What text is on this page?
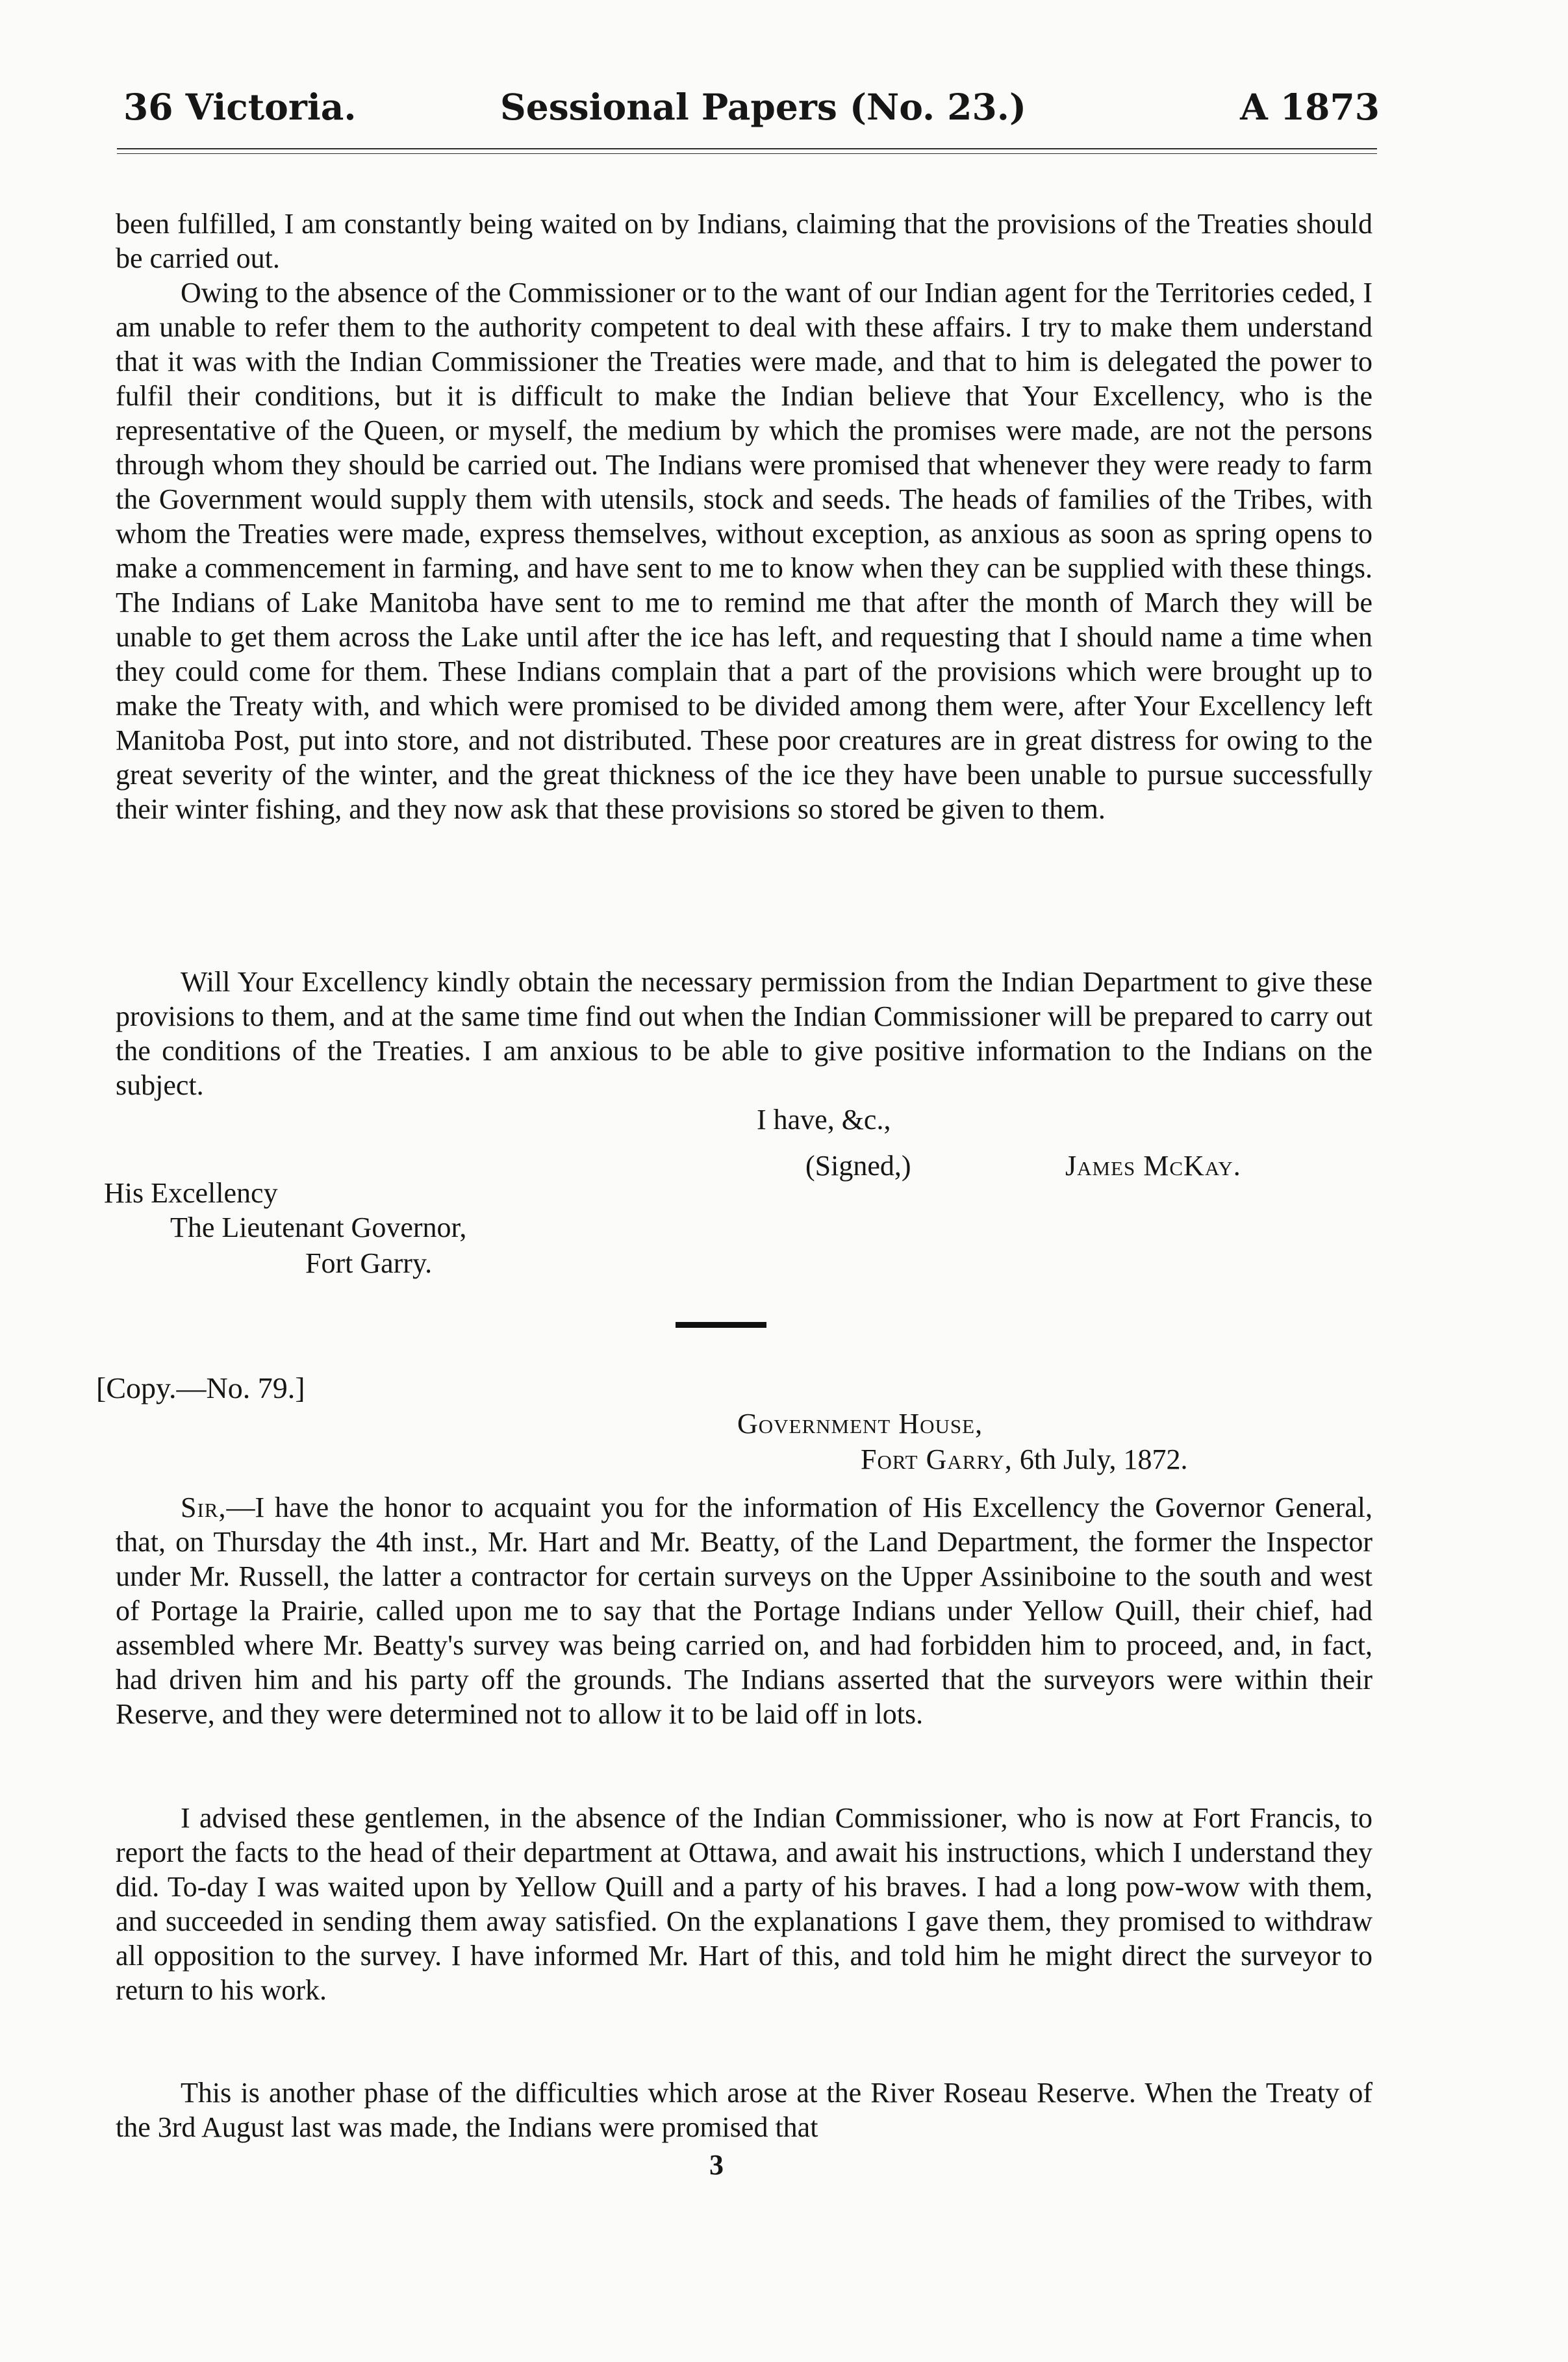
36 Victoria.	Sessional Papers (No. 23.)	A 1873

been fulfilled, I am constantly being waited on by Indians, claiming that the provisions of the Treaties should be carried out.

Owing to the absence of the Commissioner or to the want of our Indian agent for the Territories ceded, I am unable to refer them to the authority competent to deal with these affairs. I try to make them understand that it was with the Indian Commissioner the Treaties were made, and that to him is delegated the power to fulfil their conditions, but it is difficult to make the Indian believe that Your Excellency, who is the representative of the Queen, or myself, the medium by which the promises were made, are not the persons through whom they should be carried out. The Indians were promised that whenever they were ready to farm the Government would supply them with utensils, stock and seeds. The heads of families of the Tribes, with whom the Treaties were made, express themselves, without exception, as anxious as soon as spring opens to make a commencement in farming, and have sent to me to know when they can be supplied with these things. The Indians of Lake Manitoba have sent to me to remind me that after the month of March they will be unable to get them across the Lake until after the ice has left, and requesting that I should name a time when they could come for them. These Indians complain that a part of the provisions which were brought up to make the Treaty with, and which were promised to be divided among them were, after Your Excellency left Manitoba Post, put into store, and not distributed. These poor creatures are in great distress for owing to the great severity of the winter, and the great thickness of the ice they have been unable to pursue successfully their winter fishing, and they now ask that these provisions so stored be given to them.

Will Your Excellency kindly obtain the necessary permission from the Indian Department to give these provisions to them, and at the same time find out when the Indian Commissioner will be prepared to carry out the conditions of the Treaties. I am anxious to be able to give positive information to the Indians on the subject.

I have, &c.,
(Signed,)	James McKay.
His Excellency
The Lieutenant Governor,
Fort Garry.
[Copy.—No. 79.]
Government House,
Fort Garry, 6th July, 1872.

Sir,—I have the honor to acquaint you for the information of His Excellency the Governor General, that, on Thursday the 4th inst., Mr. Hart and Mr. Beatty, of the Land Department, the former the Inspector under Mr. Russell, the latter a contractor for certain surveys on the Upper Assiniboine to the south and west of Portage la Prairie, called upon me to say that the Portage Indians under Yellow Quill, their chief, had assembled where Mr. Beatty's survey was being carried on, and had forbidden him to proceed, and, in fact, had driven him and his party off the grounds. The Indians asserted that the surveyors were within their Reserve, and they were determined not to allow it to be laid off in lots.

I advised these gentlemen, in the absence of the Indian Commissioner, who is now at Fort Francis, to report the facts to the head of their department at Ottawa, and await his instructions, which I understand they did. To-day I was waited upon by Yellow Quill and a party of his braves. I had a long pow-wow with them, and succeeded in sending them away satisfied. On the explanations I gave them, they promised to withdraw all opposition to the survey. I have informed Mr. Hart of this, and told him he might direct the surveyor to return to his work.

This is another phase of the difficulties which arose at the River Roseau Reserve. When the Treaty of the 3rd August last was made, the Indians were promised that

3
